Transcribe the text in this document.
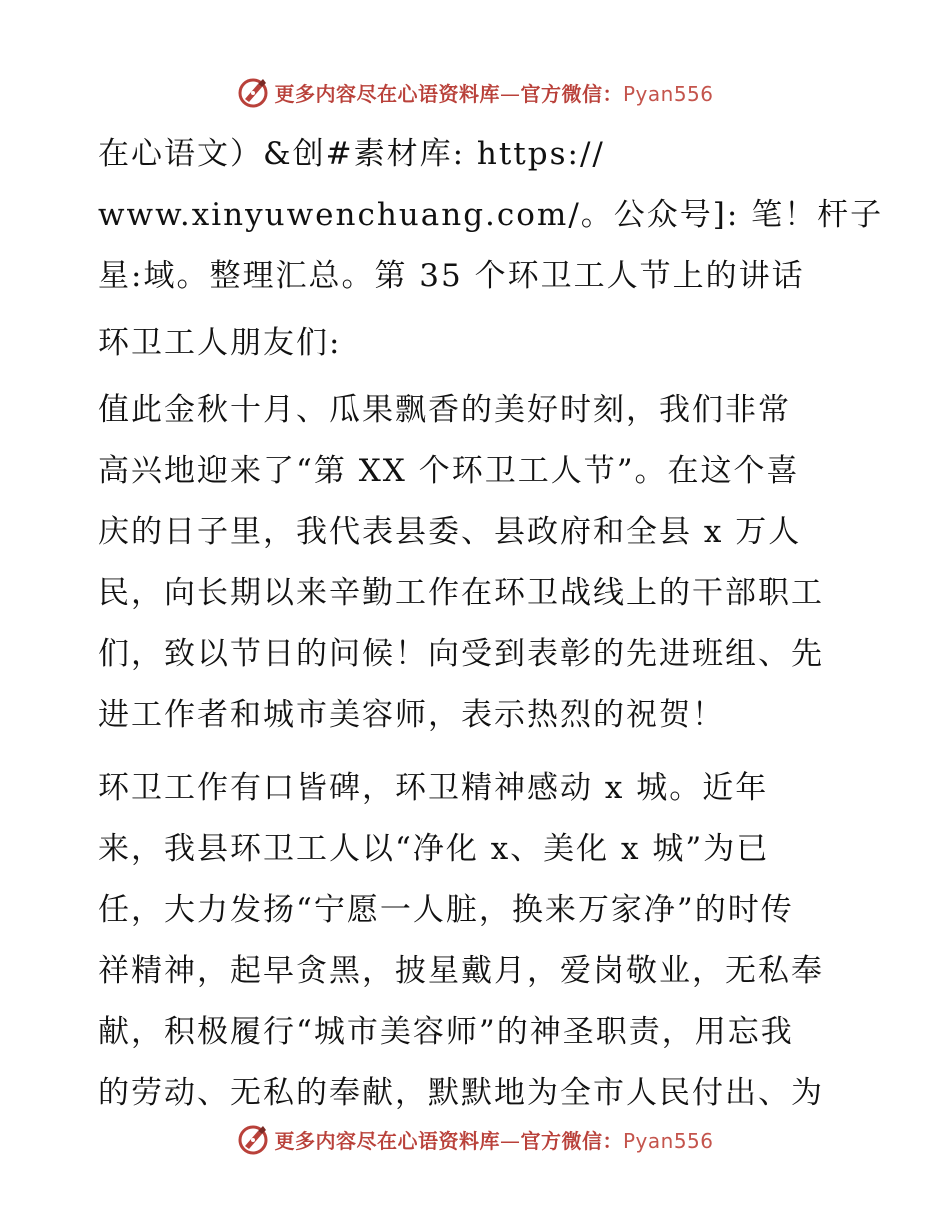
更多内容尽在心语资料库—官方微信：Pyan556
在心语文）&创#素材库: https://
www.xinyuwenchuang.com/。公众号]: 笔！杆子
星:域。整理汇总。第 35 个环卫工人节上的讲话
环卫工人朋友们:
值此金秋十月、瓜果飘香的美好时刻，我们非常
高兴地迎来了“第 XX 个环卫工人节”。在这个喜
庆的日子里，我代表县委、县政府和全县 x 万人
民，向长期以来辛勤工作在环卫战线上的干部职工
们，致以节日的问候！向受到表彰的先进班组、先
进工作者和城市美容师，表示热烈的祝贺！
环卫工作有口皆碑，环卫精神感动 x 城。近年
来，我县环卫工人以“净化 x、美化 x 城”为已
任，大力发扬“宁愿一人脏，换来万家净”的时传
祥精神，起早贪黑，披星戴月，爱岗敬业，无私奉
献，积极履行“城市美容师”的神圣职责，用忘我
的劳动、无私的奉献，默默地为全市人民付出、为
更多内容尽在心语资料库—官方微信：Pyan556
